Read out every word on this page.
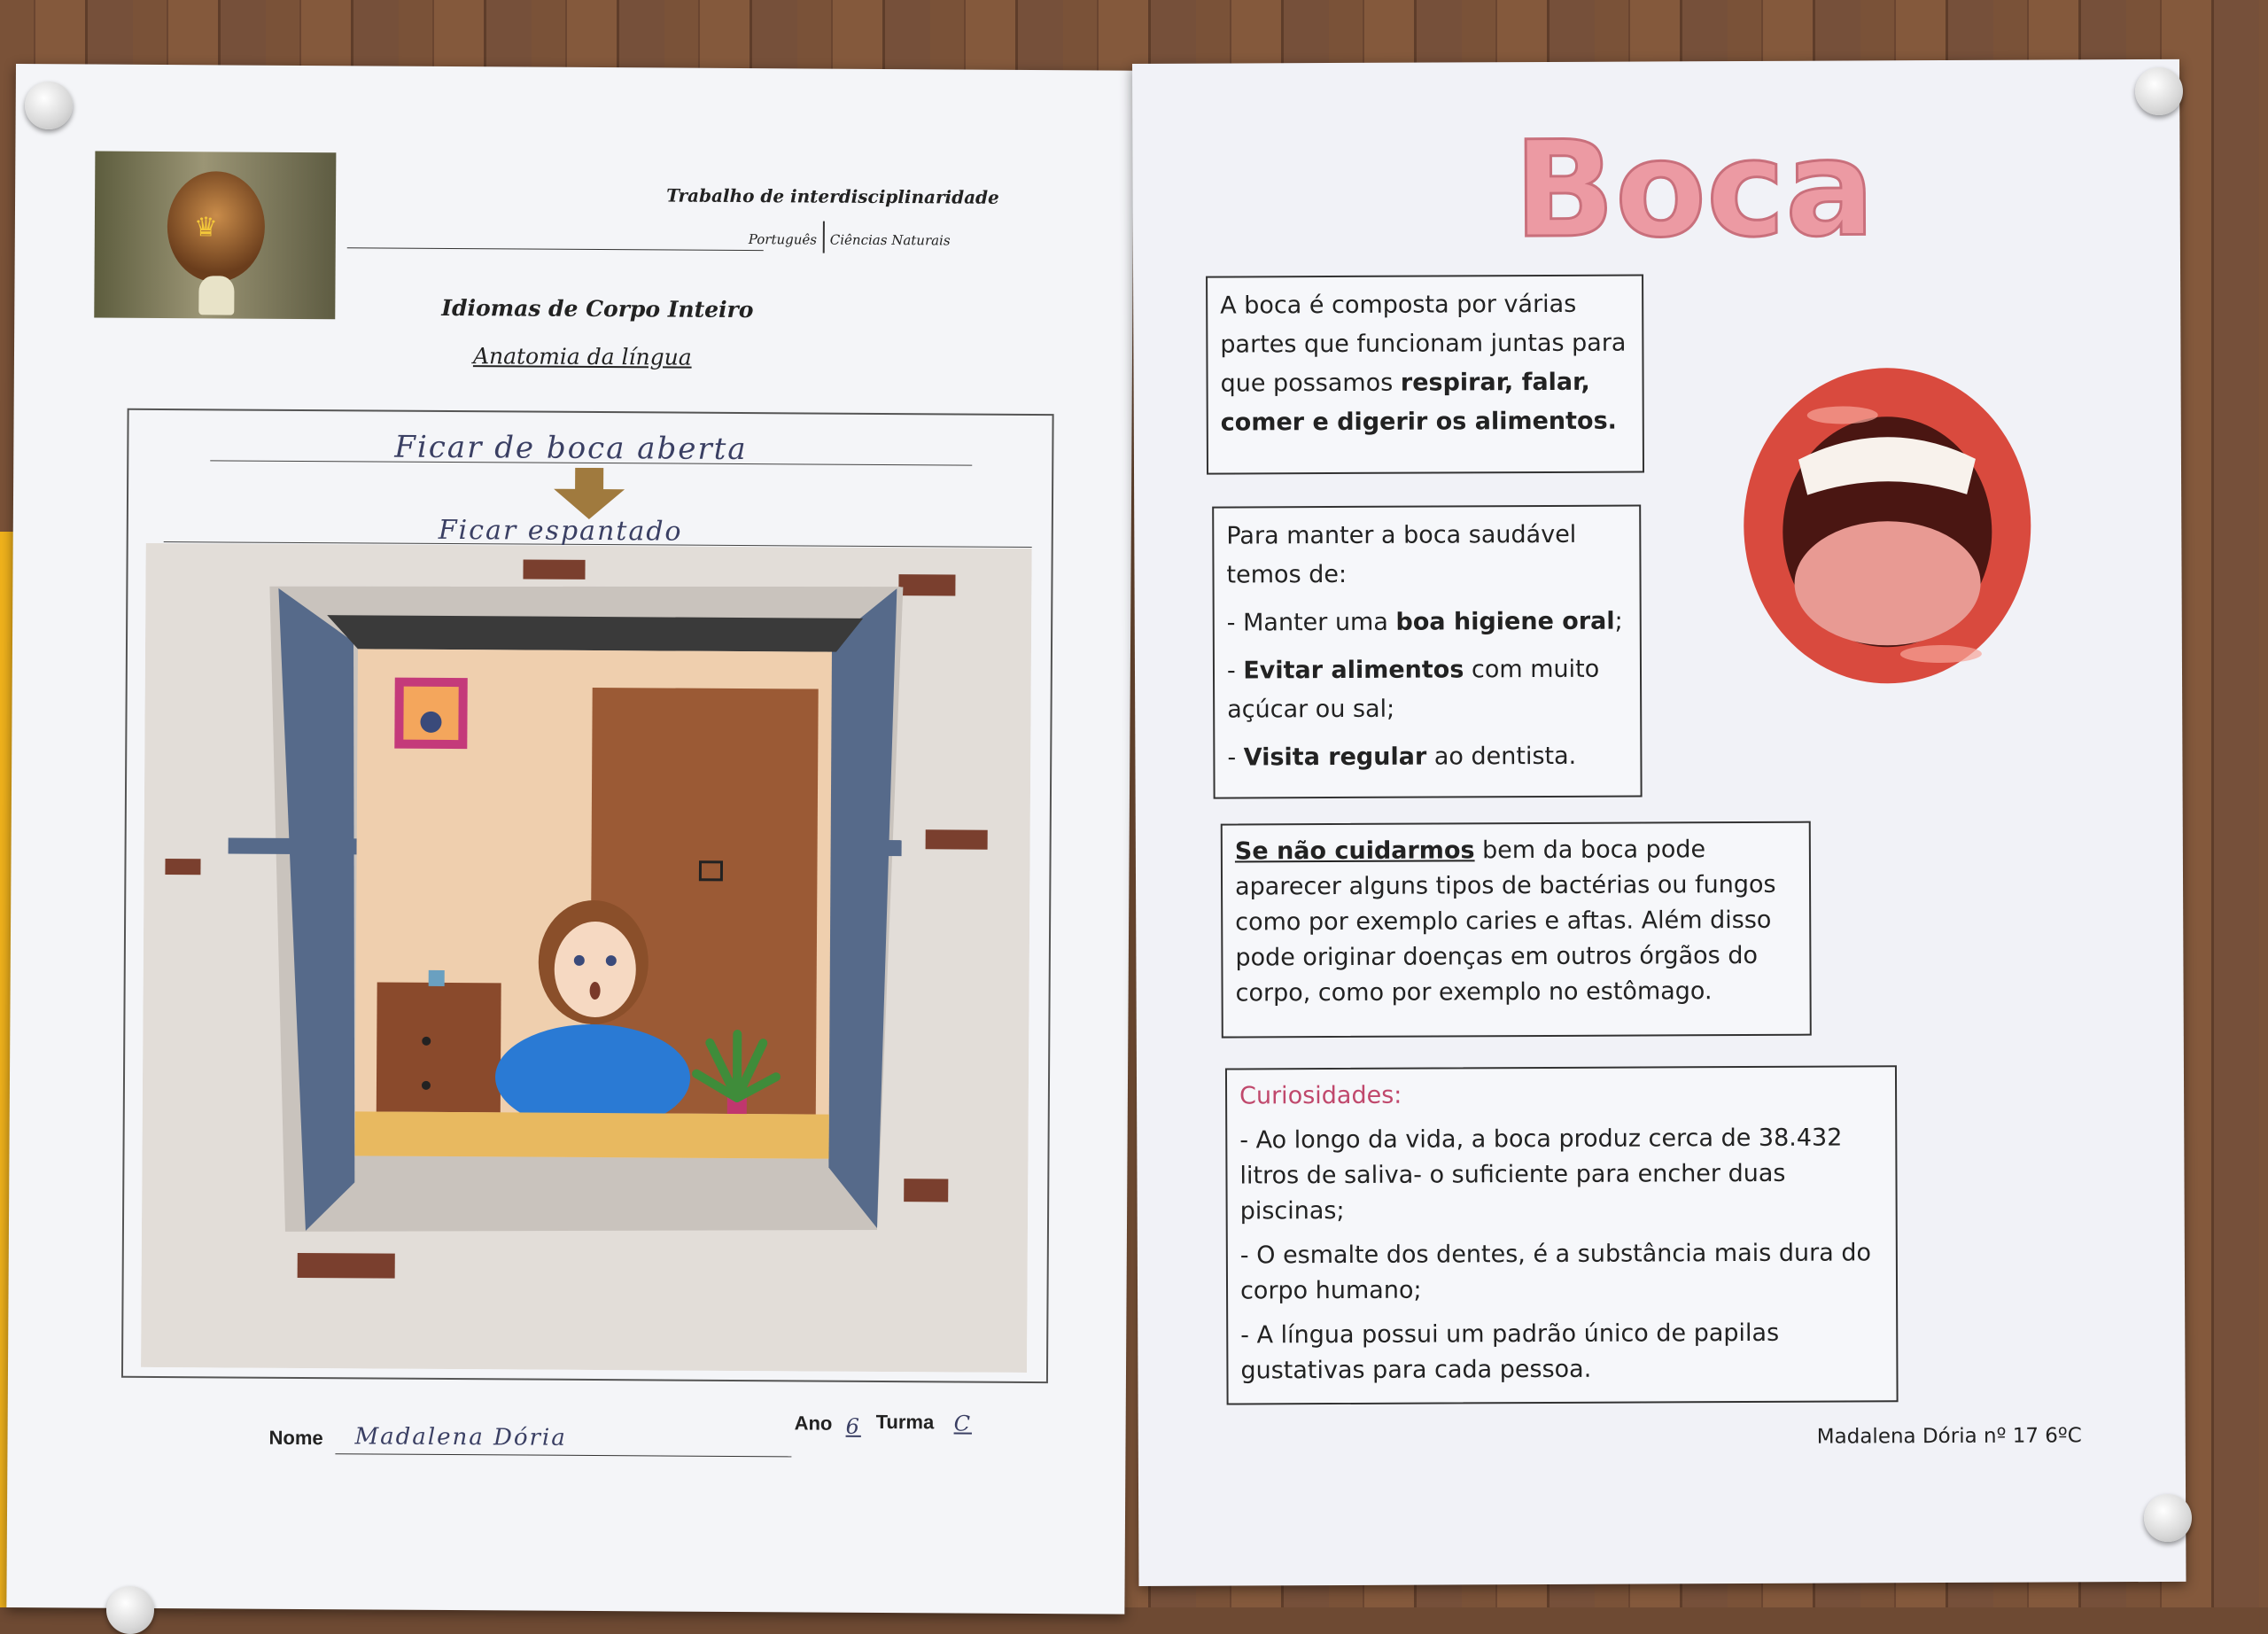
♛
Trabalho de interdisciplinaridade
Português Ciências Naturais
Idiomas de Corpo Inteiro
Anatomia da língua
Ficar de boca aberta
Ficar espantado
Nome Madalena Dória
Ano 6 Turma C
Boca

A boca é composta por várias partes que funcionam juntas para que possamos respirar, falar, comer e digerir os alimentos.

Para manter a boca saudável temos de:

- Manter uma boa higiene oral;

- Evitar alimentos com muito açúcar ou sal;

- Visita regular ao dentista.

Se não cuidarmos bem da boca pode aparecer alguns tipos de bactérias ou fungos como por exemplo caries e aftas. Além disso pode originar doenças em outros órgãos do corpo, como por exemplo no estômago.

Curiosidades:

- Ao longo da vida, a boca produz cerca de 38.432 litros de saliva- o suficiente para encher duas piscinas;

- O esmalte dos dentes, é a substância mais dura do corpo humano;

- A língua possui um padrão único de papilas gustativas para cada pessoa.

Madalena Dória nº 17 6ºC
